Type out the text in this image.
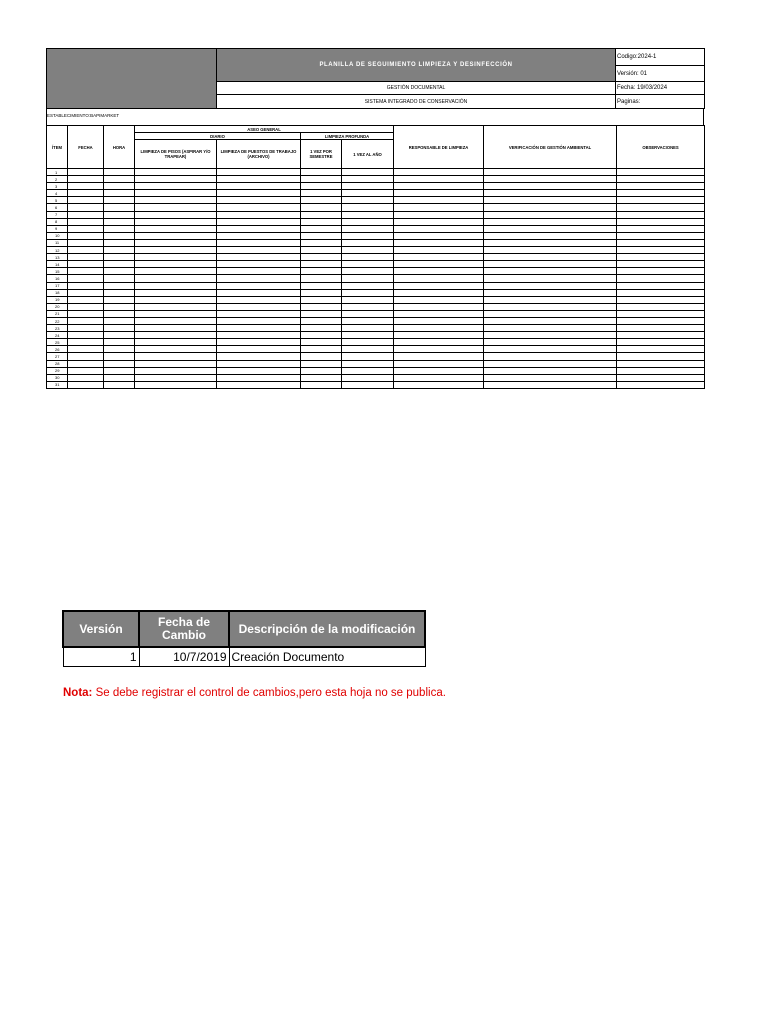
	PLANILLA DE SEGUIMIENTO LIMPIEZA Y DESINFECCIÓN	Codigo:2024-1
		Versión: 01
	GESTIÓN DOCUMENTAL	Fecha: 19/03/2024
	SISTEMA INTEGRADO DE CONSERVACIÓN	Paginas:
ESTABLECIMIENTO:BAPIMARKET
ÍTEM	FECHA	HORA	ASEO GENERAL				RESPONSABLE DE LIMPIEZA	VERIFICACIÓN DE GESTIÓN AMBIENTAL	OBSERVACIONES
			DIARIO		LIMPIEZA PROFUNDA				
			LIMPIEZA DE PISOS (ASPIRAR Y/O TRAPEAR)	LIMPIEZA DE PUESTOS DE TRABAJO (ARCHIVO)	1 VEZ POR SEMESTRE	1 VEZ AL AÑO			
1									
2									
3									
4									
5									
6									
7									
8									
9									
10									
11									
12									
13									
14									
15									
16									
17									
18									
19									
20									
21									
22									
23									
24									
25									
26									
27									
28									
29									
30									
31									
Versión	Fecha de Cambio	Descripción de la modificación
1	10/7/2019	Creación Documento
Nota: Se debe registrar el control de cambios,pero esta hoja no se publica.
